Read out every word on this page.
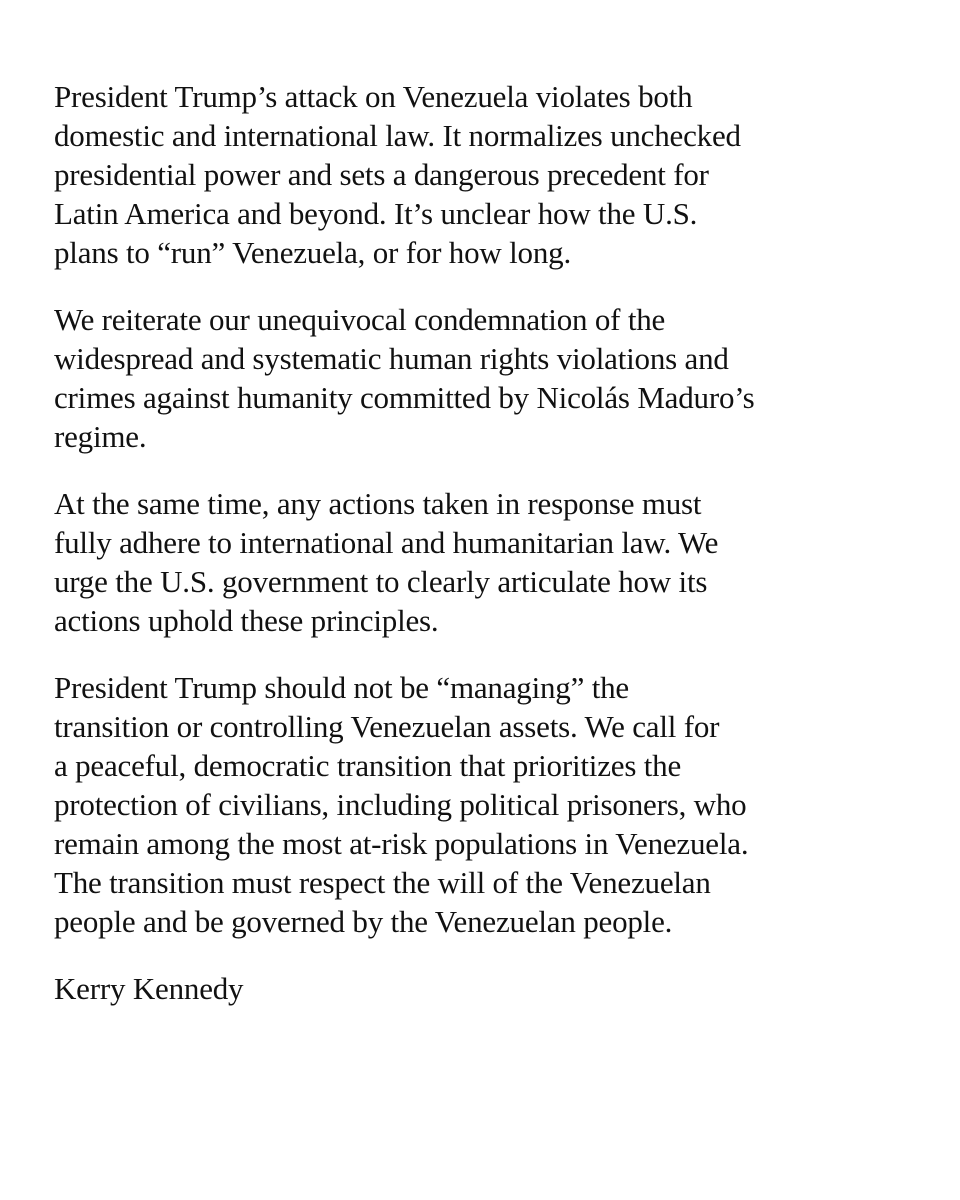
President Trump’s attack on Venezuela violates both
domestic and international law. It normalizes unchecked
presidential power and sets a dangerous precedent for
Latin America and beyond. It’s unclear how the U.S.
plans to “run” Venezuela, or for how long.

We reiterate our unequivocal condemnation of the
widespread and systematic human rights violations and
crimes against humanity committed by Nicolás Maduro’s
regime.

At the same time, any actions taken in response must
fully adhere to international and humanitarian law. We
urge the U.S. government to clearly articulate how its
actions uphold these principles.

President Trump should not be “managing” the
transition or controlling Venezuelan assets. We call for
a peaceful, democratic transition that prioritizes the
protection of civilians, including political prisoners, who
remain among the most at-risk populations in Venezuela.
The transition must respect the will of the Venezuelan
people and be governed by the Venezuelan people.

Kerry Kennedy
